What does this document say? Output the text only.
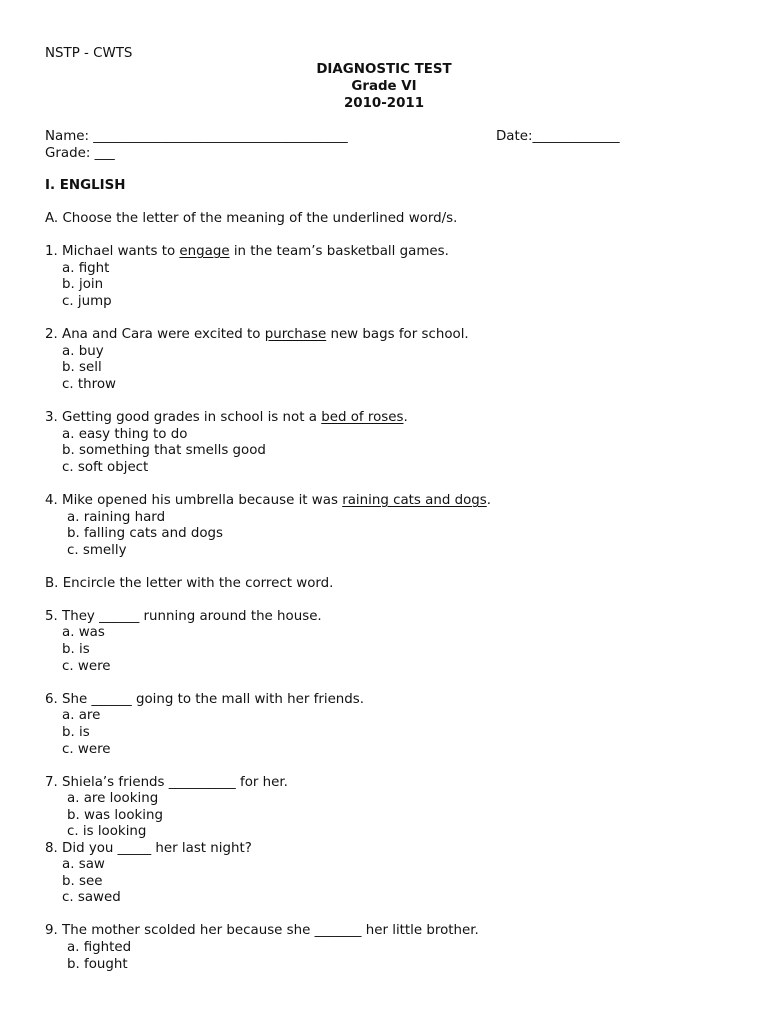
NSTP - CWTS
DIAGNOSTIC TEST
Grade VI
2010-2011
Name: ______________________________________	Date:_____________
Grade: ___
I. ENGLISH
A. Choose the letter of the meaning of the underlined word/s.
1. Michael wants to engage in the team’s basketball games.
a. fight
b. join
c. jump
2. Ana and Cara were excited to purchase new bags for school.
a. buy
b. sell
c. throw
3. Getting good grades in school is not a bed of roses.
a. easy thing to do
b. something that smells good
c. soft object
4. Mike opened his umbrella because it was raining cats and dogs.
a. raining hard
b. falling cats and dogs
c. smelly
B. Encircle the letter with the correct word.
5. They ______ running around the house.
a. was
b. is
c. were
6. She ______ going to the mall with her friends.
a. are
b. is
c. were
7. Shiela’s friends __________ for her.
a. are looking
b. was looking
c. is looking
8. Did you _____ her last night?
a. saw
b. see
c. sawed
9. The mother scolded her because she _______ her little brother.
a. fighted
b. fought
